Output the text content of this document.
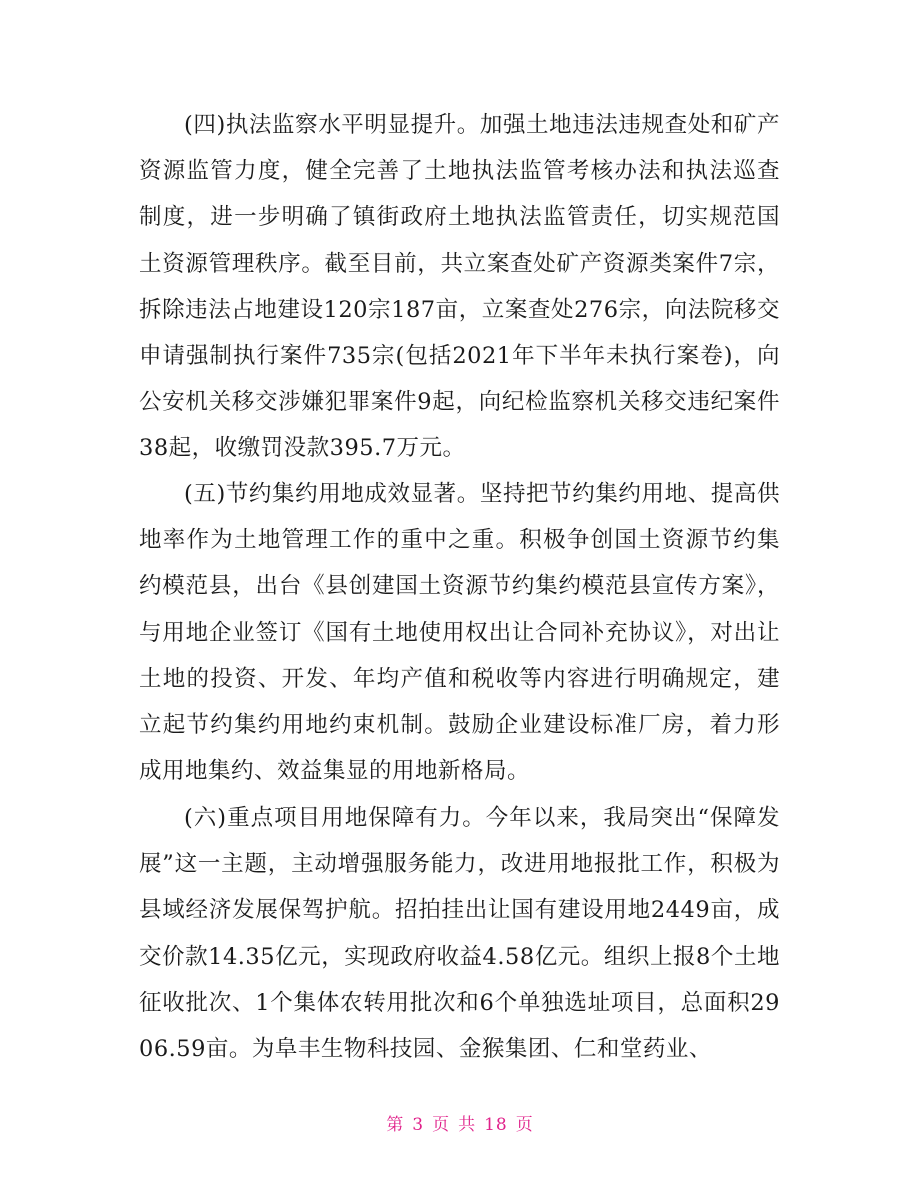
(四)执法监察水平明显提升。加强土地违法违规查处和矿产资源监管力度，健全完善了土地执法监管考核办法和执法巡查制度，进一步明确了镇街政府土地执法监管责任，切实规范国土资源管理秩序。截至目前，共立案查处矿产资源类案件7宗，拆除违法占地建设120宗187亩，立案查处276宗，向法院移交申请强制执行案件735宗(包括2021年下半年未执行案卷)，向公安机关移交涉嫌犯罪案件9起，向纪检监察机关移交违纪案件38起，收缴罚没款395.7万元。

(五)节约集约用地成效显著。坚持把节约集约用地、提高供地率作为土地管理工作的重中之重。积极争创国土资源节约集约模范县，出台《县创建国土资源节约集约模范县宣传方案》，与用地企业签订《国有土地使用权出让合同补充协议》，对出让土地的投资、开发、年均产值和税收等内容进行明确规定，建立起节约集约用地约束机制。鼓励企业建设标准厂房，着力形成用地集约、效益集显的用地新格局。

(六)重点项目用地保障有力。今年以来，我局突出“保障发展”这一主题，主动增强服务能力，改进用地报批工作，积极为县域经济发展保驾护航。招拍挂出让国有建设用地2449亩，成交价款14.35亿元，实现政府收益4.58亿元。组织上报8个土地征收批次、1个集体农转用批次和6个单独选址项目，总面积2906.59亩。为阜丰生物科技园、金猴集团、仁和堂药业、

第 3 页 共 18 页
